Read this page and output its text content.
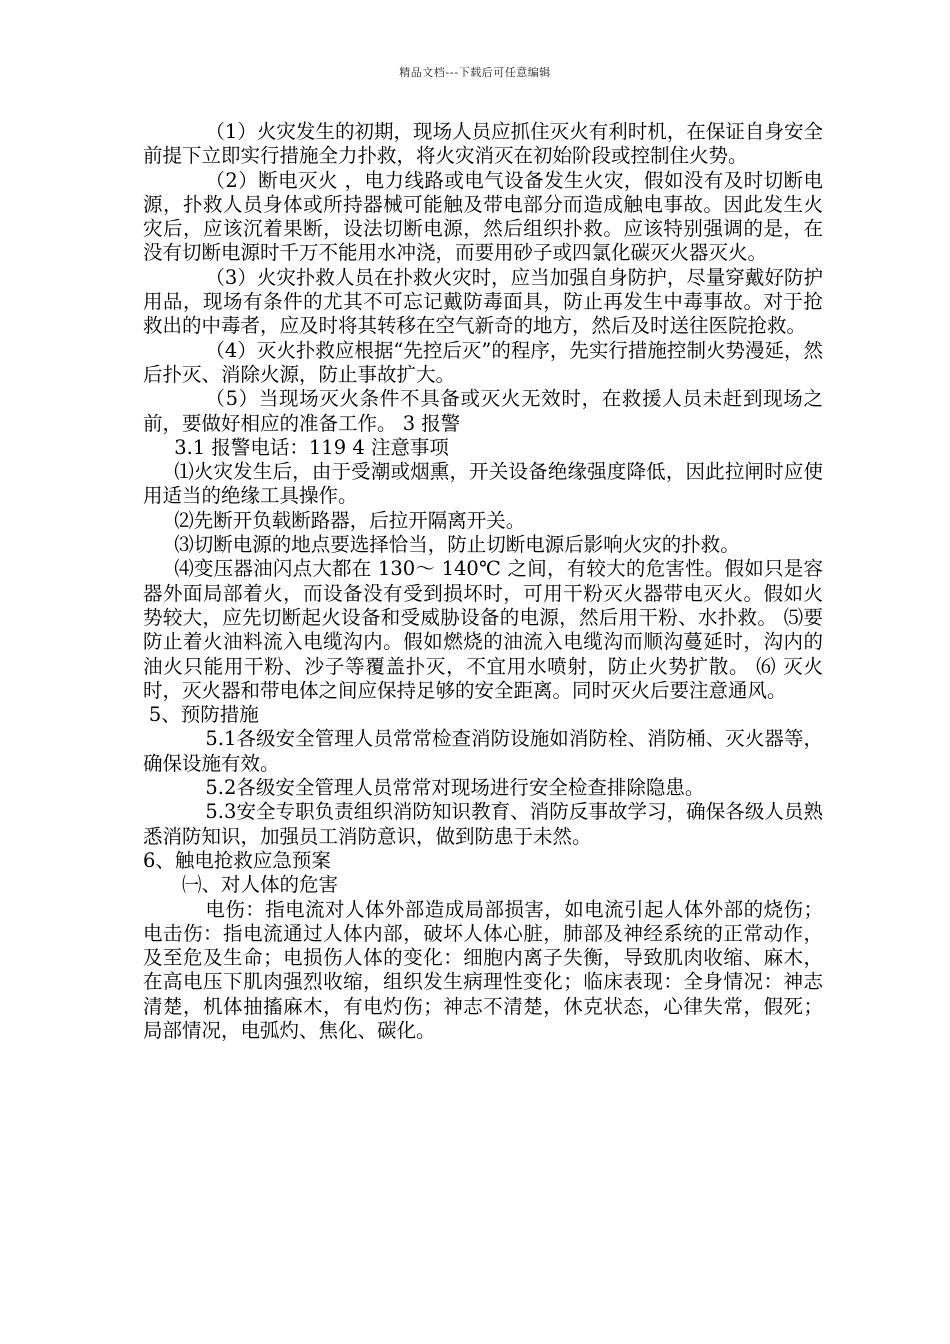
精品文档---下载后可任意编辑

（1）火灾发生的初期，现场人员应抓住灭火有利时机，在保证自身安全前提下立即实行措施全力扑救，将火灾消灭在初始阶段或控制住火势。

（2）断电灭火 ，电力线路或电气设备发生火灾，假如没有及时切断电源，扑救人员身体或所持器械可能触及带电部分而造成触电事故。因此发生火灾后，应该沉着果断，设法切断电源，然后组织扑救。应该特别强调的是，在没有切断电源时千万不能用水冲浇，而要用砂子或四氯化碳灭火器灭火。

（3）火灾扑救人员在扑救火灾时，应当加强自身防护，尽量穿戴好防护用品，现场有条件的尤其不可忘记戴防毒面具，防止再发生中毒事故。对于抢救出的中毒者，应及时将其转移在空气新奇的地方，然后及时送往医院抢救。

（4）灭火扑救应根据“先控后灭”的程序，先实行措施控制火势漫延，然后扑灭、消除火源，防止事故扩大。

（5）当现场灭火条件不具备或灭火无效时，在救援人员未赶到现场之前，要做好相应的准备工作。 3 报警

3.1 报警电话：119 4 注意事项

⑴火灾发生后，由于受潮或烟熏，开关设备绝缘强度降低，因此拉闸时应使用适当的绝缘工具操作。

⑵先断开负载断路器，后拉开隔离开关。

⑶切断电源的地点要选择恰当，防止切断电源后影响火灾的扑救。

⑷变压器油闪点大都在 130～ 140℃ 之间，有较大的危害性。假如只是容器外面局部着火，而设备没有受到损坏时，可用干粉灭火器带电灭火。假如火势较大，应先切断起火设备和受威胁设备的电源，然后用干粉、水扑救。 ⑸要防止着火油料流入电缆沟内。假如燃烧的油流入电缆沟而顺沟蔓延时，沟内的油火只能用干粉、沙子等覆盖扑灭，不宜用水喷射，防止火势扩散。 ⑹ 灭火时，灭火器和带电体之间应保持足够的安全距离。同时灭火后要注意通风。

5、预防措施

5.1各级安全管理人员常常检查消防设施如消防栓、消防桶、灭火器等，确保设施有效。

5.2各级安全管理人员常常对现场进行安全检查排除隐患。

5.3安全专职负责组织消防知识教育、消防反事故学习，确保各级人员熟悉消防知识，加强员工消防意识，做到防患于未然。

6、触电抢救应急预案

㈠、对人体的危害

电伤：指电流对人体外部造成局部损害，如电流引起人体外部的烧伤；电击伤：指电流通过人体内部，破坏人体心脏，肺部及神经系统的正常动作，及至危及生命；电损伤人体的变化：细胞内离子失衡，导致肌肉收缩、麻木，在高电压下肌肉强烈收缩，组织发生病理性变化；临床表现：全身情况：神志清楚，机体抽搐麻木，有电灼伤；神志不清楚，休克状态，心律失常，假死；局部情况，电弧灼、焦化、碳化。
